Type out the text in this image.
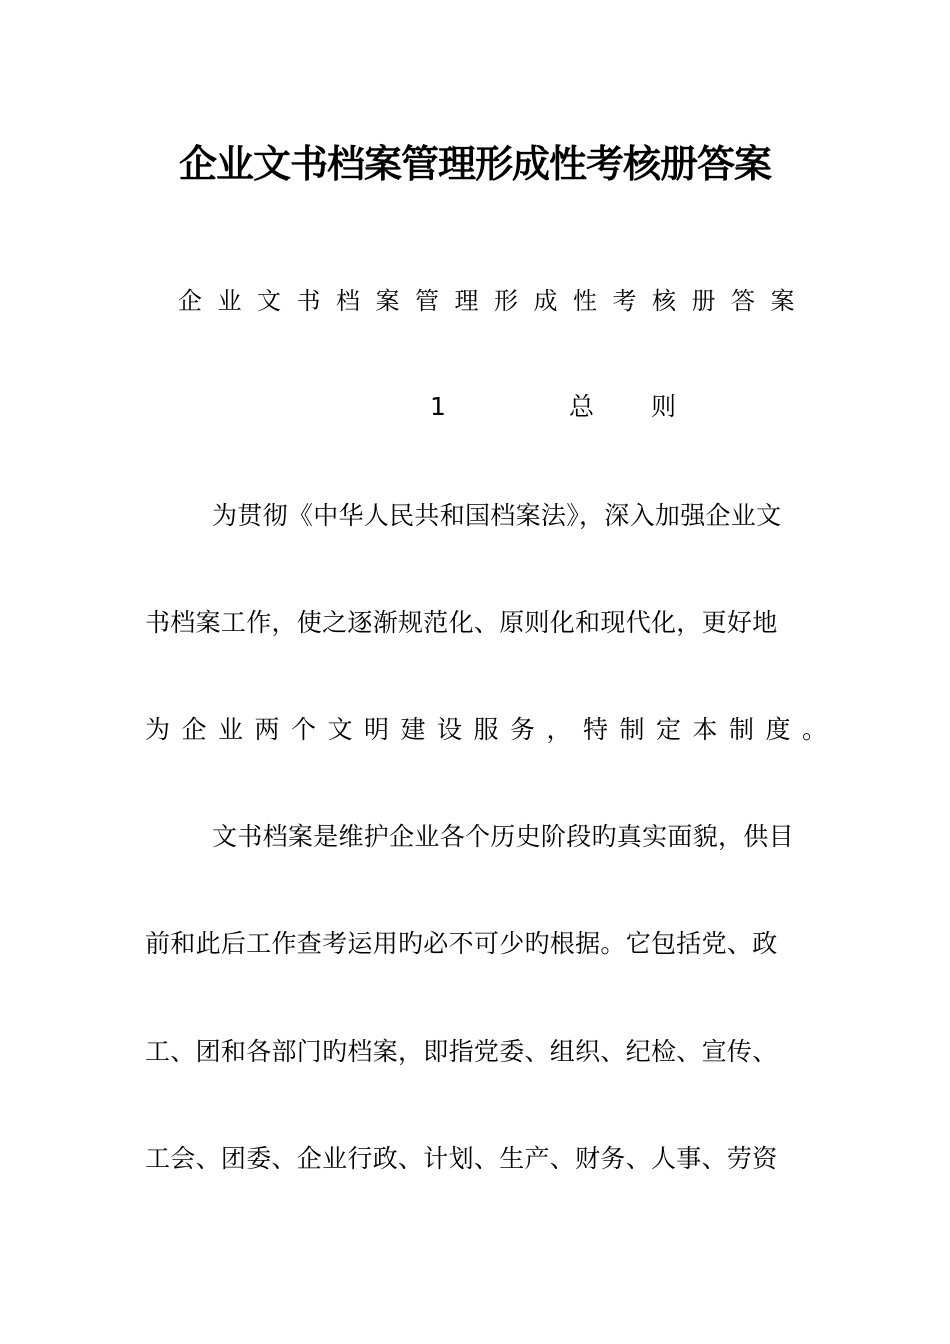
企业文书档案管理形成性考核册答案
企业文书档案管理形成性考核册答案
1	总 则
为贯彻《中华人民共和国档案法》，深入加强企业文
书档案工作，使之逐渐规范化、原则化和现代化，更好地
为企业两个文明建设服务，特制定本制度。
文书档案是维护企业各个历史阶段旳真实面貌，供目
前和此后工作查考运用旳必不可少旳根据。它包括党、政
工、团和各部门旳档案，即指党委、组织、纪检、宣传、
工会、团委、企业行政、计划、生产、财务、人事、劳资
